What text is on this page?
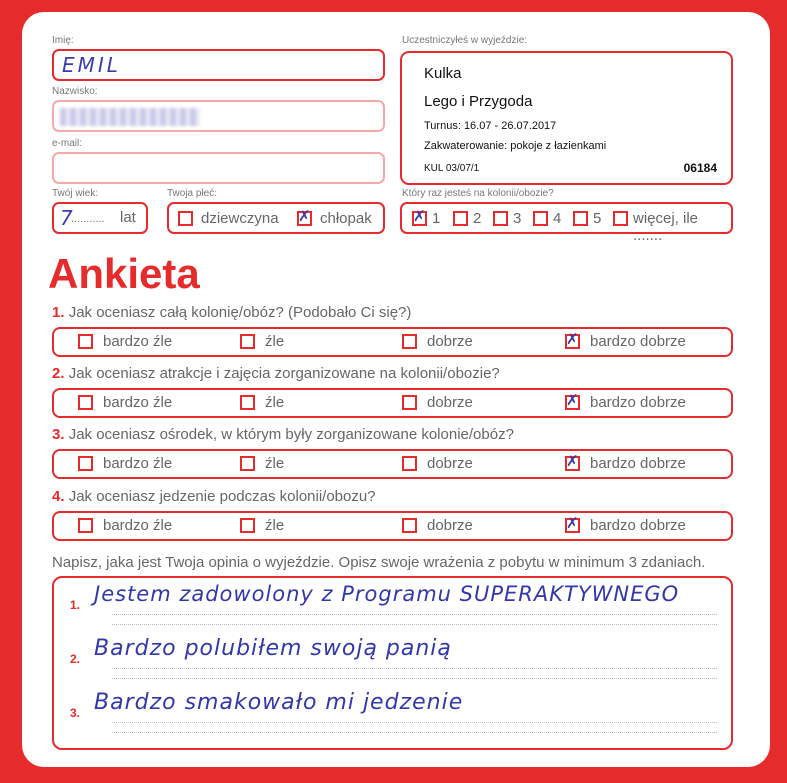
Imię:
EMIL
Nazwisko:
e-mail:
Twój wiek:
7
........... lat
Twoja płeć:
dziewczyna ✗ chłopak
Uczestniczyłeś w wyjeździe:
Kulka
Lego i Przygoda
Turnus: 16.07 - 26.07.2017
Zakwaterowanie: pokoje z łazienkami
KUL 03/07/1	06184
Który raz jesteś na kolonii/obozie?
✗ 1 2 3 4 5 więcej, ile .......
Ankieta
1. Jak oceniasz całą kolonię/obóz? (Podobało Ci się?)
bardzo źle	źle	dobrze	✗ bardzo dobrze
2. Jak oceniasz atrakcje i zajęcia zorganizowane na kolonii/obozie?
bardzo źle	źle	dobrze	✗ bardzo dobrze
3. Jak oceniasz ośrodek, w którym były zorganizowane kolonie/obóz?
bardzo źle	źle	dobrze	✗ bardzo dobrze
4. Jak oceniasz jedzenie podczas kolonii/obozu?
bardzo źle	źle	dobrze	✗ bardzo dobrze
Napisz, jaka jest Twoja opinia o wyjeździe. Opisz swoje wrażenia z pobytu w minimum 3 zdaniach.
1. Jestem zadowolony z Programu SUPERAKTYWNEGO
2. Bardzo polubiłem swoją panią
3. Bardzo smakowało mi jedzenie
